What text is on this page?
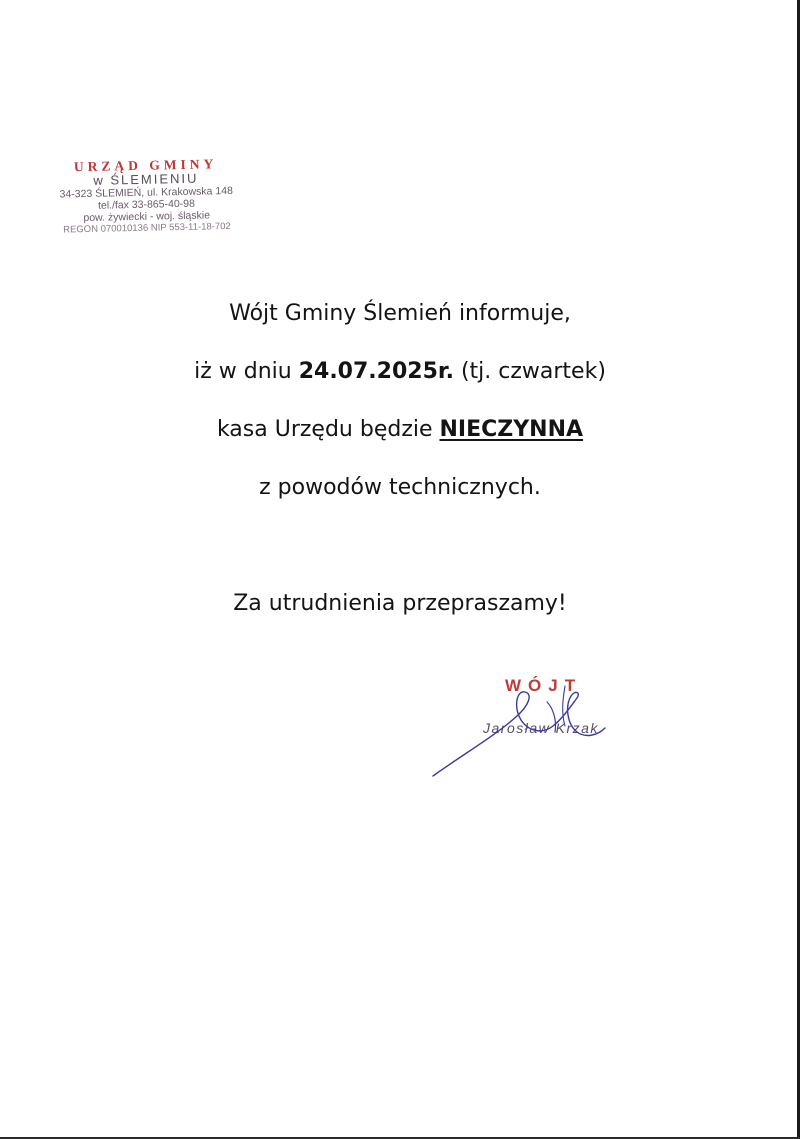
URZĄD GMINY
w ŚLEMIENIU
34-323 ŚLEMIEŃ, ul. Krakowska 148
tel./fax 33-865-40-98
pow. żywiecki - woj. śląskie
REGON 070010136 NIP 553-11-18-702
Wójt Gminy Ślemień informuje,
iż w dniu 24.07.2025r. (tj. czwartek)
kasa Urzędu będzie NIECZYNNA
z powodów technicznych.
Za utrudnienia przepraszamy!
WÓJT
Jarosław Krzak
